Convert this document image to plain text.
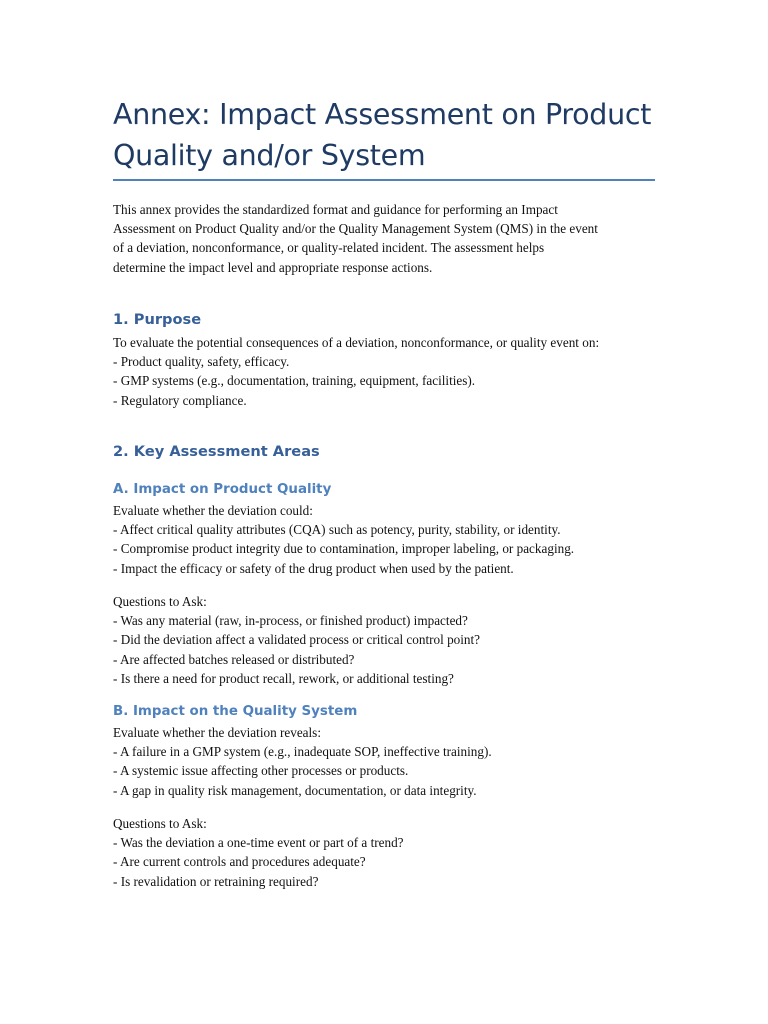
Annex: Impact Assessment on Product
Quality and/or System

This annex provides the standardized format and guidance for performing an Impact
Assessment on Product Quality and/or the Quality Management System (QMS) in the event
of a deviation, nonconformance, or quality-related incident. The assessment helps
determine the impact level and appropriate response actions.

1. Purpose

To evaluate the potential consequences of a deviation, nonconformance, or quality event on:
- Product quality, safety, efficacy.
- GMP systems (e.g., documentation, training, equipment, facilities).
- Regulatory compliance.

2. Key Assessment Areas
A. Impact on Product Quality

Evaluate whether the deviation could:
- Affect critical quality attributes (CQA) such as potency, purity, stability, or identity.
- Compromise product integrity due to contamination, improper labeling, or packaging.
- Impact the efficacy or safety of the drug product when used by the patient.

Questions to Ask:
- Was any material (raw, in-process, or finished product) impacted?
- Did the deviation affect a validated process or critical control point?
- Are affected batches released or distributed?
- Is there a need for product recall, rework, or additional testing?

B. Impact on the Quality System

Evaluate whether the deviation reveals:
- A failure in a GMP system (e.g., inadequate SOP, ineffective training).
- A systemic issue affecting other processes or products.
- A gap in quality risk management, documentation, or data integrity.

Questions to Ask:
- Was the deviation a one-time event or part of a trend?
- Are current controls and procedures adequate?
- Is revalidation or retraining required?
